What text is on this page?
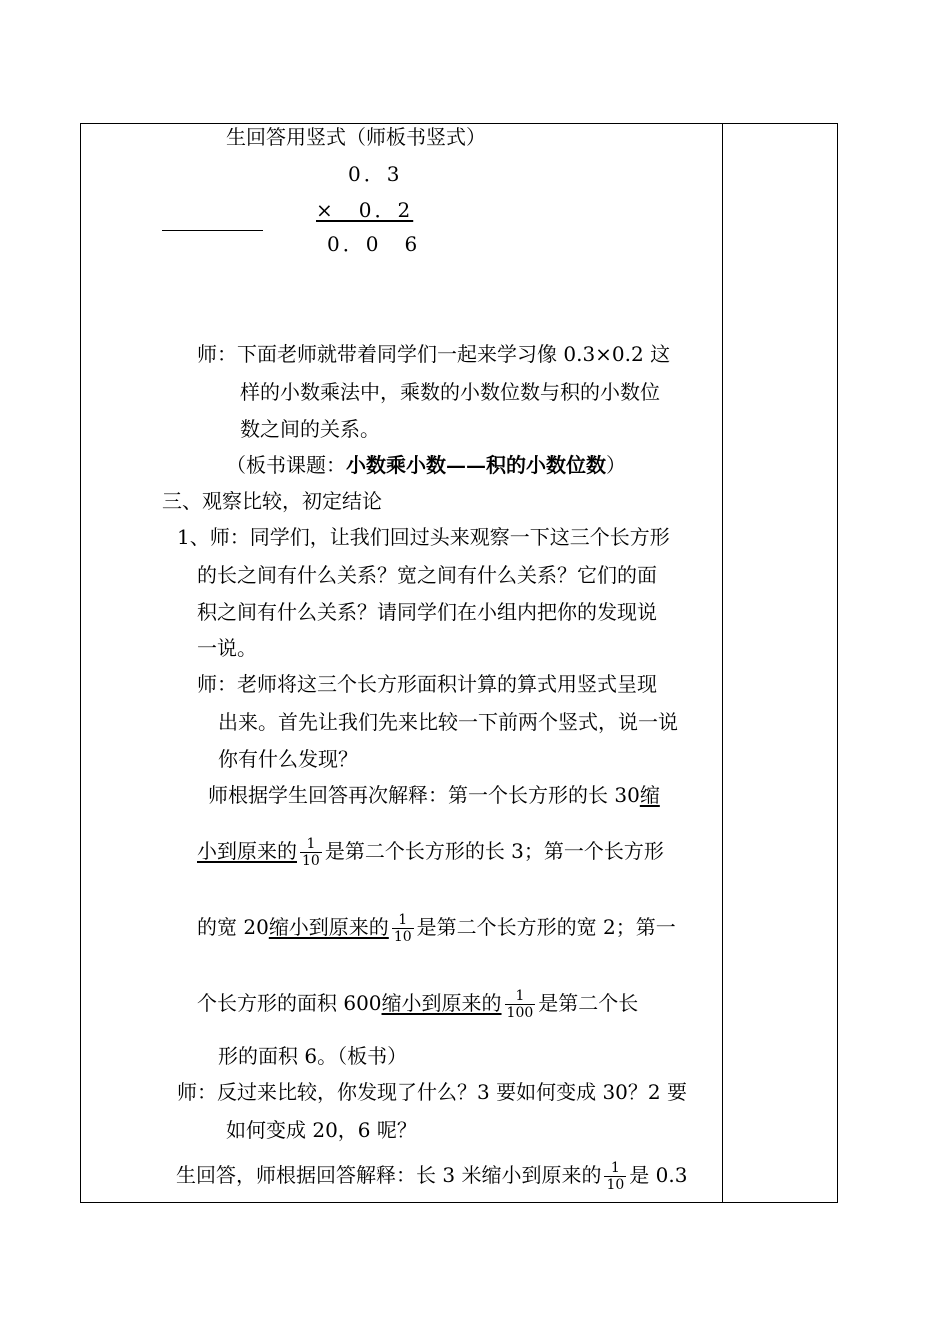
生回答用竖式（师板书竖式）
0．3
×　0．2
0．0　6
师：下面老师就带着同学们一起来学习像 0.3×0.2 这
样的小数乘法中，乘数的小数位数与积的小数位
数之间的关系。
（板书课题：小数乘小数——积的小数位数）
三、观察比较，初定结论
1、师：同学们，让我们回过头来观察一下这三个长方形
的长之间有什么关系？宽之间有什么关系？它们的面
积之间有什么关系？请同学们在小组内把你的发现说
一说。
师：老师将这三个长方形面积计算的算式用竖式呈现
出来。首先让我们先来比较一下前两个竖式，说一说
你有什么发现？
师根据学生回答再次解释：第一个长方形的长 30缩
小到原来的 $\frac{1}{10}$ 是第二个长方形的长 3；第一个长方形
的宽 20缩小到原来的 $\frac{1}{10}$ 是第二个长方形的宽 2；第一
个长方形的面积 600缩小到原来的 $\frac{1}{100}$ 是第二个长
形的面积 6。（板书）
师：反过来比较，你发现了什么？3 要如何变成 30？2 要
如何变成 20，6 呢？
生回答，师根据回答解释：长 3 米缩小到原来的 $\frac{1}{10}$ 是 0.3
